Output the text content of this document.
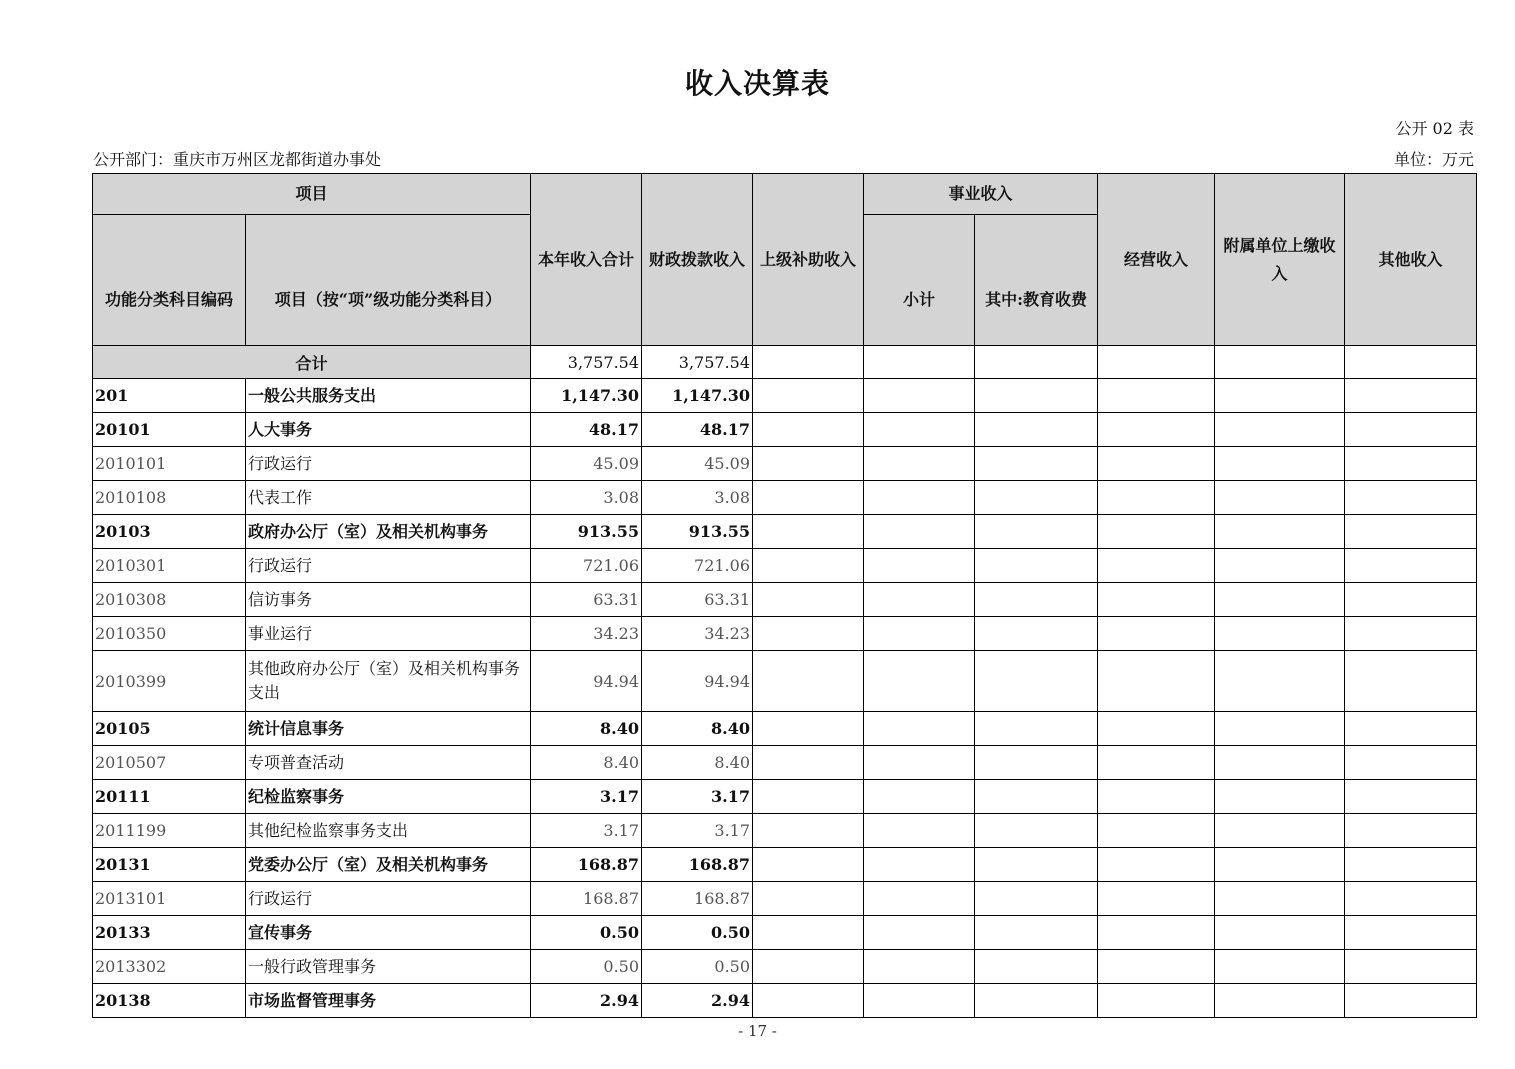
收入决算表
公开 02 表
公开部门：重庆市万州区龙都街道办事处	单位：万元
项目		本年收入合计	财政拨款收入	上级补助收入	事业收入		经营收入	附属单位上缴收入	其他收入
功能分类科目编码	项目（按“项”级功能分类科目）				小计	其中:教育收费			
合计		3,757.54	3,757.54						
201	一般公共服务支出	1,147.30	1,147.30						
20101	人大事务	48.17	48.17						
2010101	行政运行	45.09	45.09						
2010108	代表工作	3.08	3.08						
20103	政府办公厅（室）及相关机构事务	913.55	913.55						
2010301	行政运行	721.06	721.06						
2010308	信访事务	63.31	63.31						
2010350	事业运行	34.23	34.23						
2010399	其他政府办公厅（室）及相关机构事务支出	94.94	94.94						
20105	统计信息事务	8.40	8.40						
2010507	专项普查活动	8.40	8.40						
20111	纪检监察事务	3.17	3.17						
2011199	其他纪检监察事务支出	3.17	3.17						
20131	党委办公厅（室）及相关机构事务	168.87	168.87						
2013101	行政运行	168.87	168.87						
20133	宣传事务	0.50	0.50						
2013302	一般行政管理事务	0.50	0.50						
20138	市场监督管理事务	2.94	2.94						
- 17 -
